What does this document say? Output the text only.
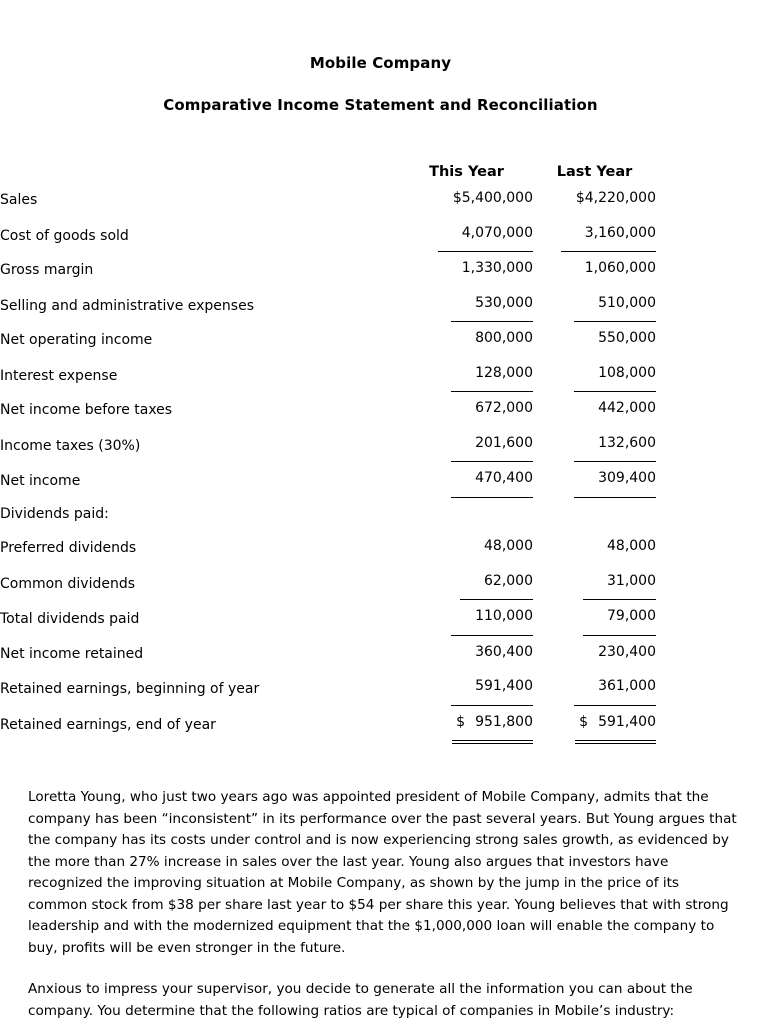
Mobile Company
Comparative Income Statement and Reconciliation
	This Year	Last Year	
Sales	$5,400,000	$4,220,000	
Cost of goods sold	4,070,000	3,160,000	
Gross margin	1,330,000	1,060,000	
Selling and administrative expenses	530,000	510,000	
Net operating income	800,000	550,000	
Interest expense	128,000	108,000	
Net income before taxes	672,000	442,000	
Income taxes (30%)	201,600	132,600	
Net income	470,400	309,400	
Dividends paid:			
Preferred dividends	48,000	48,000	
Common dividends	62,000	31,000	
Total dividends paid	110,000	79,000	
Net income retained	360,400	230,400	
Retained earnings, beginning of year	591,400	361,000	
Retained earnings, end of year	$ 951,800	$ 591,400	

Loretta Young, who just two years ago was appointed president of Mobile Company, admits that the company has been “inconsistent” in its performance over the past several years. But Young argues that the company has its costs under control and is now experiencing strong sales growth, as evidenced by the more than 27% increase in sales over the last year. Young also argues that investors have recognized the improving situation at Mobile Company, as shown by the jump in the price of its common stock from $38 per share last year to $54 per share this year. Young believes that with strong leadership and with the modernized equipment that the $1,000,000 loan will enable the company to buy, profits will be even stronger in the future.

Anxious to impress your supervisor, you decide to generate all the information you can about the company. You determine that the following ratios are typical of companies in Mobile’s industry:
